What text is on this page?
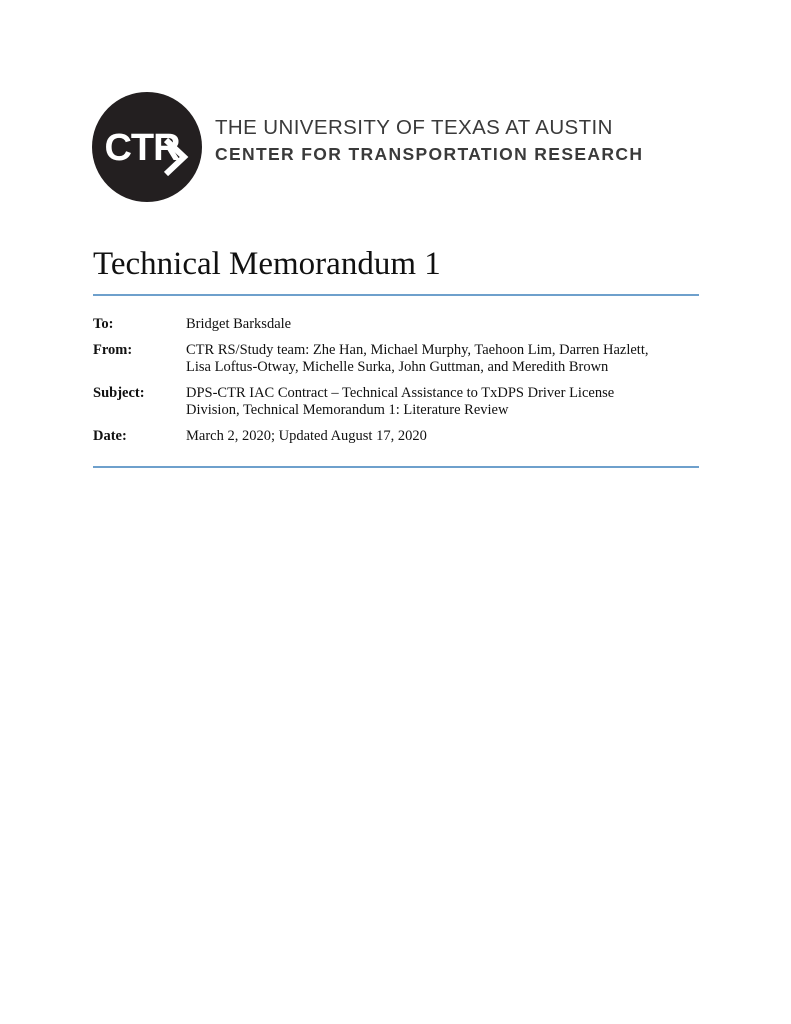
CTR THE UNIVERSITY OF TEXAS AT AUSTIN
CENTER FOR TRANSPORTATION RESEARCH
Technical Memorandum 1
To:	Bridget Barksdale
From:	CTR RS/Study team: Zhe Han, Michael Murphy, Taehoon Lim, Darren Hazlett,
Lisa Loftus-Otway, Michelle Surka, John Guttman, and Meredith Brown
Subject:	DPS-CTR IAC Contract – Technical Assistance to TxDPS Driver License
Division, Technical Memorandum 1: Literature Review
Date:	March 2, 2020; Updated August 17, 2020
